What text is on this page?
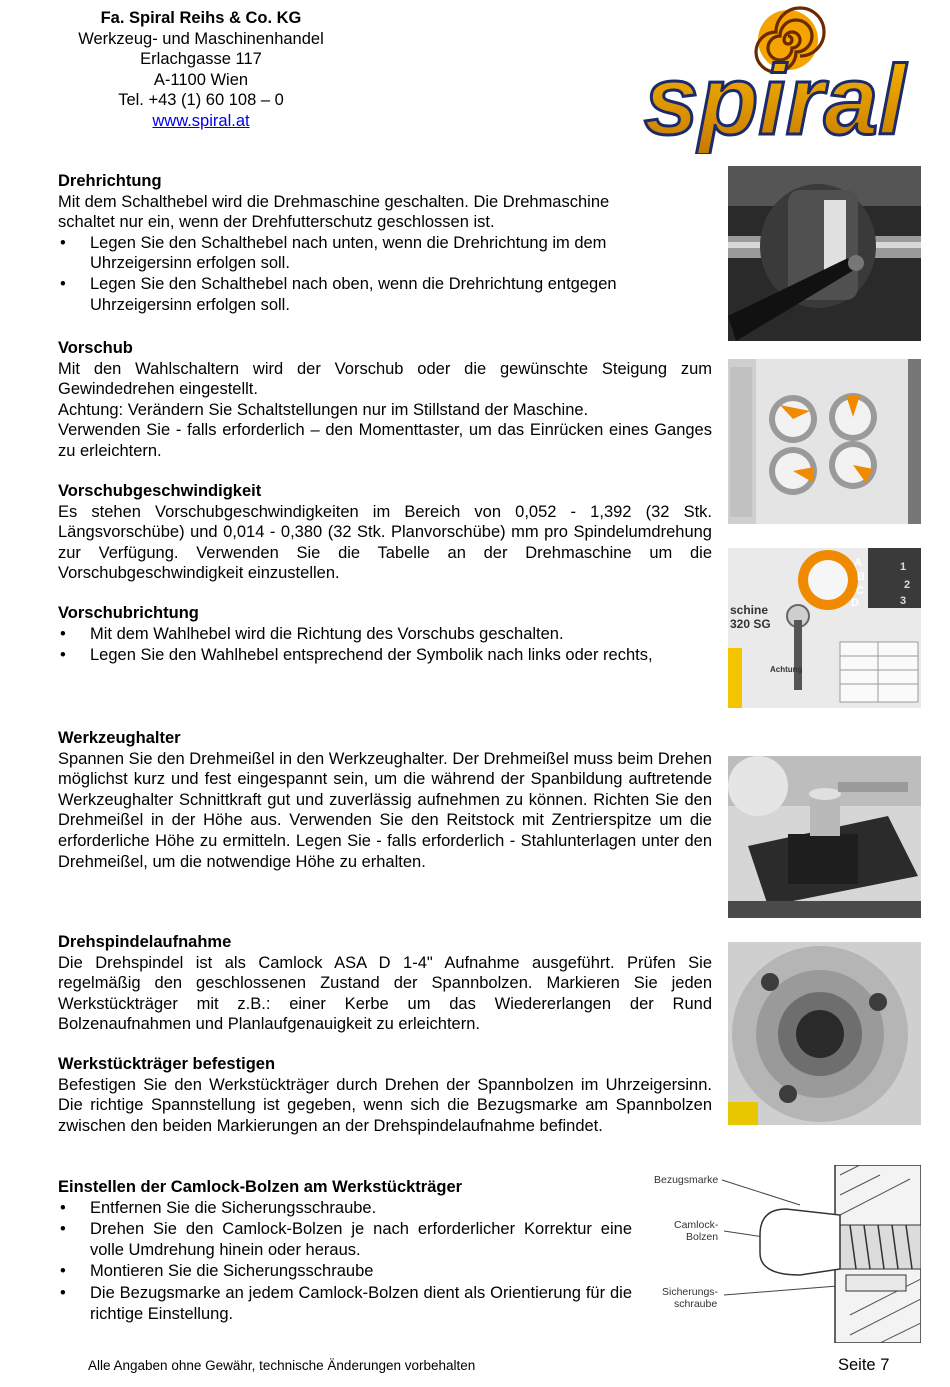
Fa. Spiral Reihs & Co. KG
Werkzeug- und Maschinenhandel
Erlachgasse 117
A-1100 Wien
Tel. +43 (1) 60 108 – 0
www.spiral.at	spiral
Drehrichtung

Mit dem Schalthebel wird die Drehmaschine geschalten. Die Drehmaschine schaltet nur ein, wenn der Drehfutterschutz geschlossen ist.

• Legen Sie den Schalthebel nach unten, wenn die Drehrichtung im dem Uhrzeigersinn erfolgen soll.
• Legen Sie den Schalthebel nach oben, wenn die Drehrichtung entgegen Uhrzeigersinn erfolgen soll.
Vorschub

Mit den Wahlschaltern wird der Vorschub oder die gewünschte Steigung zum Gewindedrehen eingestellt.

Achtung: Verändern Sie Schaltstellungen nur im Stillstand der Maschine.

Verwenden Sie - falls erforderlich – den Momenttaster, um das Einrücken eines Ganges zu erleichtern.

Vorschubgeschwindigkeit

Es stehen Vorschubgeschwindigkeiten im Bereich von 0,052 - 1,392 (32 Stk. Längsvorschübe) und 0,014 - 0,380 (32 Stk. Planvorschübe) mm pro Spindelumdrehung zur Verfügung. Verwenden Sie die Tabelle an der Drehmaschine um die Vorschubgeschwindigkeit einzustellen.

Vorschubrichtung
• Mit dem Wahlhebel wird die Richtung des Vorschubs geschalten.
• Legen Sie den Wahlhebel entsprechend der Symbolik nach links oder rechts,
Werkzeughalter

Spannen Sie den Drehmeißel in den Werkzeughalter. Der Drehmeißel muss beim Drehen möglichst kurz und fest eingespannt sein, um die während der Spanbildung auftretende Werkzeughalter Schnittkraft gut und zuverlässig aufnehmen zu können. Richten Sie den Drehmeißel in der Höhe aus. Verwenden Sie den Reitstock mit Zentrierspitze um die erforderliche Höhe zu ermitteln. Legen Sie - falls erforderlich - Stahlunterlagen unter den Drehmeißel, um die notwendige Höhe zu erhalten.

Drehspindelaufnahme

Die Drehspindel ist als Camlock ASA D 1-4" Aufnahme ausgeführt. Prüfen Sie regelmäßig den geschlossenen Zustand der Spannbolzen. Markieren Sie jeden Werkstückträger mit z.B.: einer Kerbe um das Wiedererlangen der Rund Bolzenaufnahmen und Planlaufgenauigkeit zu erleichtern.

Werkstückträger befestigen

Befestigen Sie den Werkstückträger durch Drehen der Spannbolzen im Uhrzeigersinn. Die richtige Spannstellung ist gegeben, wenn sich die Bezugsmarke am Spannbolzen zwischen den beiden Markierungen an der Drehspindelaufnahme befindet.

Einstellen der Camlock-Bolzen am Werkstückträger
• Entfernen Sie die Sicherungsschraube.
• Drehen Sie den Camlock-Bolzen je nach erforderlicher Korrektur eine volle Umdrehung hinein oder heraus.
• Montieren Sie die Sicherungsschraube
• Die Bezugsmarke an jedem Camlock-Bolzen dient als Orientierung für die richtige Einstellung.
A
B
C
D
1
2
3
schine 320 SG
Achtung
Bezugsmarke
Camlock-
Bolzen
Sicherungs-
schraube
Alle Angaben ohne Gewähr, technische Änderungen vorbehalten	Seite 7
